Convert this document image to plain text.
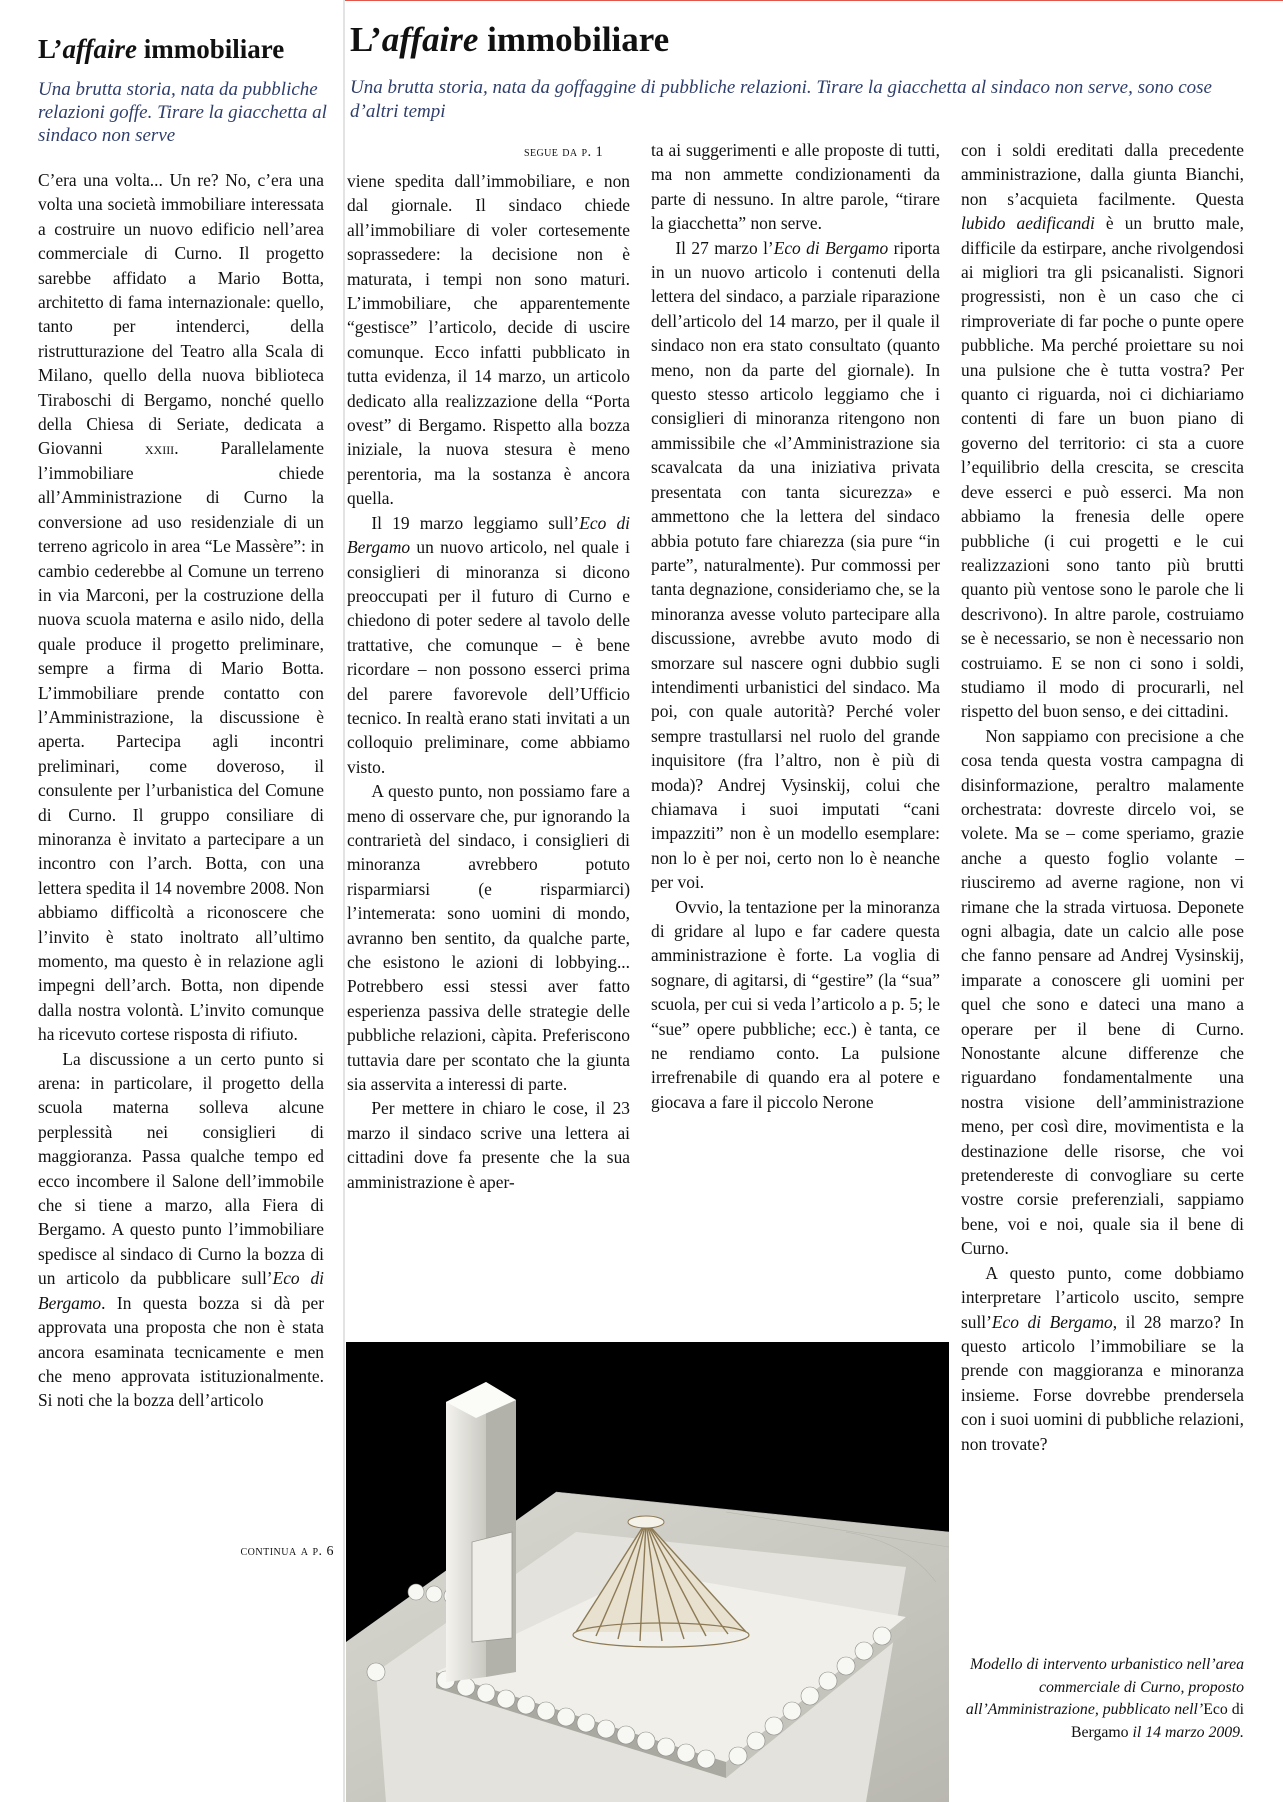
L’affaire immobiliare
Una brutta storia, nata da pubbliche relazioni goffe. Tirare la giacchetta al sindaco non serve
continua a p. 6

C’era una volta... Un re? No, c’era una volta una società immobiliare interessata a costruire un nuovo edificio nell’area commerciale di Curno. Il progetto sarebbe affidato a Mario Botta, architetto di fama internazionale: quello, tanto per intenderci, della ristrutturazione del Teatro alla Scala di Milano, quello della nuova biblioteca Tiraboschi di Bergamo, nonché quello della Chiesa di Seriate, dedicata a Giovanni xxiii. Parallelamente l’immobiliare chiede all’Amministrazione di Curno la conversione ad uso residenziale di un terreno agricolo in area “Le Massère”: in cambio cederebbe al Comune un terreno in via Marconi, per la costruzione della nuova scuola materna e asilo nido, della quale produce il progetto preliminare, sempre a firma di Mario Botta. L’immobiliare prende contatto con l’Amministrazione, la discussione è aperta. Partecipa agli incontri preliminari, come doveroso, il consulente per l’urbanistica del Comune di Curno. Il gruppo consiliare di minoranza è invitato a partecipare a un incontro con l’arch. Botta, con una lettera spedita il 14 novembre 2008. Non abbiamo difficoltà a riconoscere che l’invito è stato inoltrato all’ultimo momento, ma questo è in relazione agli impegni dell’arch. Botta, non dipende dalla nostra volontà. L’invito comunque ha ricevuto cortese risposta di rifiuto.

La discussione a un certo punto si arena: in particolare, il progetto della scuola materna solleva alcune perplessità nei consiglieri di maggioranza. Passa qualche tempo ed ecco incombere il Salone dell’immobile che si tiene a marzo, alla Fiera di Bergamo. A questo punto l’immobiliare spedisce al sindaco di Curno la bozza di un articolo da pubblicare sull’Eco di Bergamo. In questa bozza si dà per approvata una proposta che non è stata ancora esaminata tecnicamente e men che meno approvata istituzionalmente. Si noti che la bozza dell’articolo

L’affaire immobiliare
Una brutta storia, nata da goffaggine di pubbliche relazioni. Tirare la giacchetta al sindaco non serve, sono cose d’altri tempi
segue da p. 1

viene spedita dall’immobiliare, e non dal giornale. Il sindaco chiede all’immobiliare di voler cortesemente soprassedere: la decisione non è maturata, i tempi non sono maturi. L’immobiliare, che apparentemente “gestisce” l’articolo, decide di uscire comunque. Ecco infatti pubblicato in tutta evidenza, il 14 marzo, un articolo dedicato alla realizzazione della “Porta ovest” di Bergamo. Rispetto alla bozza iniziale, la nuova stesura è meno perentoria, ma la sostanza è ancora quella.

Il 19 marzo leggiamo sull’Eco di Bergamo un nuovo articolo, nel quale i consiglieri di minoranza si dicono preoccupati per il futuro di Curno e chiedono di poter sedere al tavolo delle trattative, che comunque – è bene ricordare – non possono esserci prima del parere favorevole dell’Ufficio tecnico. In realtà erano stati invitati a un colloquio preliminare, come abbiamo visto.

A questo punto, non possiamo fare a meno di osservare che, pur ignorando la contrarietà del sindaco, i consiglieri di minoranza avrebbero potuto risparmiarsi (e risparmiarci) l’intemerata: sono uomini di mondo, avranno ben sentito, da qualche parte, che esistono le azioni di lobbying... Potrebbero essi stessi aver fatto esperienza passiva delle strategie delle pubbliche relazioni, càpita. Preferiscono tuttavia dare per scontato che la giunta sia asservita a interessi di parte.

Per mettere in chiaro le cose, il 23 marzo il sindaco scrive una lettera ai cittadini dove fa presente che la sua amministrazione è aper-

ta ai suggerimenti e alle proposte di tutti, ma non ammette condizionamenti da parte di nessuno. In altre parole, “tirare la giacchetta” non serve.

Il 27 marzo l’Eco di Bergamo riporta in un nuovo articolo i contenuti della lettera del sindaco, a parziale riparazione dell’articolo del 14 marzo, per il quale il sindaco non era stato consultato (quanto meno, non da parte del giornale). In questo stesso articolo leggiamo che i consiglieri di minoranza ritengono non ammissibile che «l’Amministrazione sia scavalcata da una iniziativa privata presentata con tanta sicurezza» e ammettono che la lettera del sindaco abbia potuto fare chiarezza (sia pure “in parte”, naturalmente). Pur commossi per tanta degnazione, consideriamo che, se la minoranza avesse voluto partecipare alla discussione, avrebbe avuto modo di smorzare sul nascere ogni dubbio sugli intendimenti urbanistici del sindaco. Ma poi, con quale autorità? Perché voler sempre trastullarsi nel ruolo del grande inquisitore (fra l’altro, non è più di moda)? Andrej Vysinskij, colui che chiamava i suoi imputati “cani impazziti” non è un modello esemplare: non lo è per noi, certo non lo è neanche per voi.

Ovvio, la tentazione per la minoranza di gridare al lupo e far cadere questa amministrazione è forte. La voglia di sognare, di agitarsi, di “gestire” (la “sua” scuola, per cui si veda l’articolo a p. 5; le “sue” opere pubbliche; ecc.) è tanta, ce ne rendiamo conto. La pulsione irrefrenabile di quando era al potere e giocava a fare il piccolo Nerone

con i soldi ereditati dalla precedente amministrazione, dalla giunta Bianchi, non s’acquieta facilmente. Questa lubido aedificandi è un brutto male, difficile da estirpare, anche rivolgendosi ai migliori tra gli psicanalisti. Signori progressisti, non è un caso che ci rimproveriate di far poche o punte opere pubbliche. Ma perché proiettare su noi una pulsione che è tutta vostra? Per quanto ci riguarda, noi ci dichiariamo contenti di fare un buon piano di governo del territorio: ci sta a cuore l’equilibrio della crescita, se crescita deve esserci e può esserci. Ma non abbiamo la frenesia delle opere pubbliche (i cui progetti e le cui realizzazioni sono tanto più brutti quanto più ventose sono le parole che li descrivono). In altre parole, costruiamo se è necessario, se non è necessario non costruiamo. E se non ci sono i soldi, studiamo il modo di procurarli, nel rispetto del buon senso, e dei cittadini.

Non sappiamo con precisione a che cosa tenda questa vostra campagna di disinformazione, peraltro malamente orchestrata: dovreste dircelo voi, se volete. Ma se – come speriamo, grazie anche a questo foglio volante – riusciremo ad averne ragione, non vi rimane che la strada virtuosa. Deponete ogni albagia, date un calcio alle pose che fanno pensare ad Andrej Vysinskij, imparate a conoscere gli uomini per quel che sono e dateci una mano a operare per il bene di Curno. Nonostante alcune differenze che riguardano fondamentalmente una nostra visione dell’amministrazione meno, per così dire, movimentista e la destinazione delle risorse, che voi pretendereste di convogliare su certe vostre corsie preferenziali, sappiamo bene, voi e noi, quale sia il bene di Curno.

A questo punto, come dobbiamo interpretare l’articolo uscito, sempre sull’Eco di Bergamo, il 28 marzo? In questo articolo l’immobiliare se la prende con maggioranza e minoranza insieme. Forse dovrebbe prendersela con i suoi uomini di pubbliche relazioni, non trovate?

Modello di intervento urbanistico nell’area commerciale di Curno, proposto all’Amministrazione, pubblicato nell’Eco di Bergamo il 14 marzo 2009.
